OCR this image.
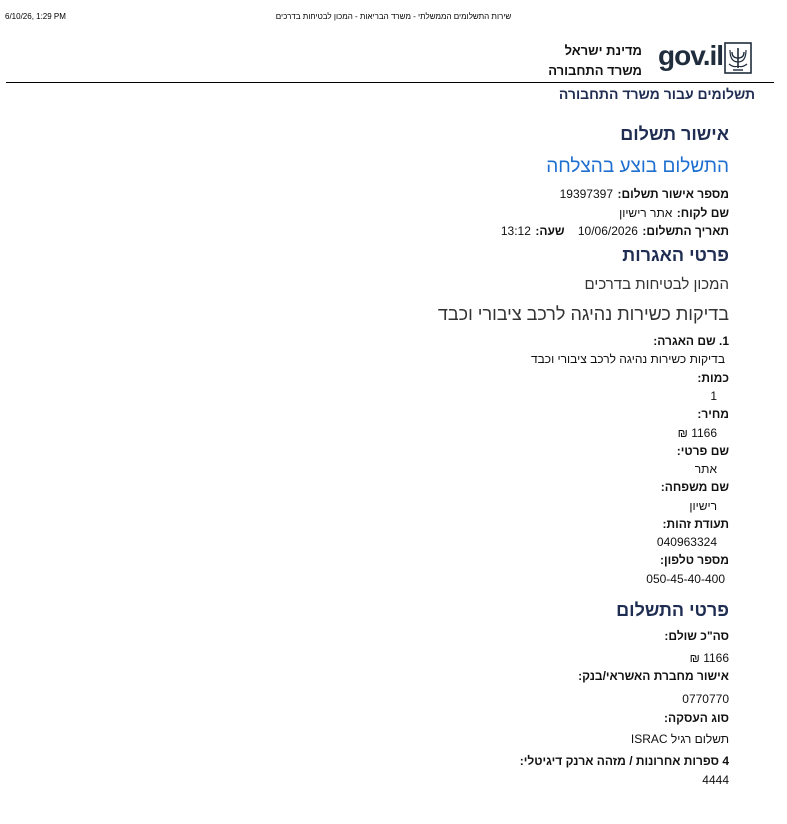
6/10/26, 1:29 PM	שירות התשלומים הממשלתי - משרד הבריאות - המכון לבטיחות בדרכים
gov.il
מדינת ישראל
משרד התחבורה
תשלומים עבור משרד התחבורה
אישור תשלום
התשלום בוצע בהצלחה
מספר אישור תשלום: 19397397
שם לקוח: אתר רישיון
תאריך התשלום: 10/06/2026   שעה: 13:12
פרטי האגרות
המכון לבטיחות בדרכים
בדיקות כשירות נהיגה לרכב ציבורי וכבד
1. שם האגרה:
בדיקות כשירות נהיגה לרכב ציבורי וכבד
כמות:
1
מחיר:
1166 ₪
שם פרטי:
אתר
שם משפחה:
רישיון
תעודת זהות:
040963324
מספר טלפון:
050-45-40-400
פרטי התשלום
סה"כ שולם:
1166 ₪
אישור מחברת האשראי/בנק:
0770770
סוג העסקה:
תשלום רגיל ISRAC
4 ספרות אחרונות / מזהה ארנק דיגיטלי:
4444
